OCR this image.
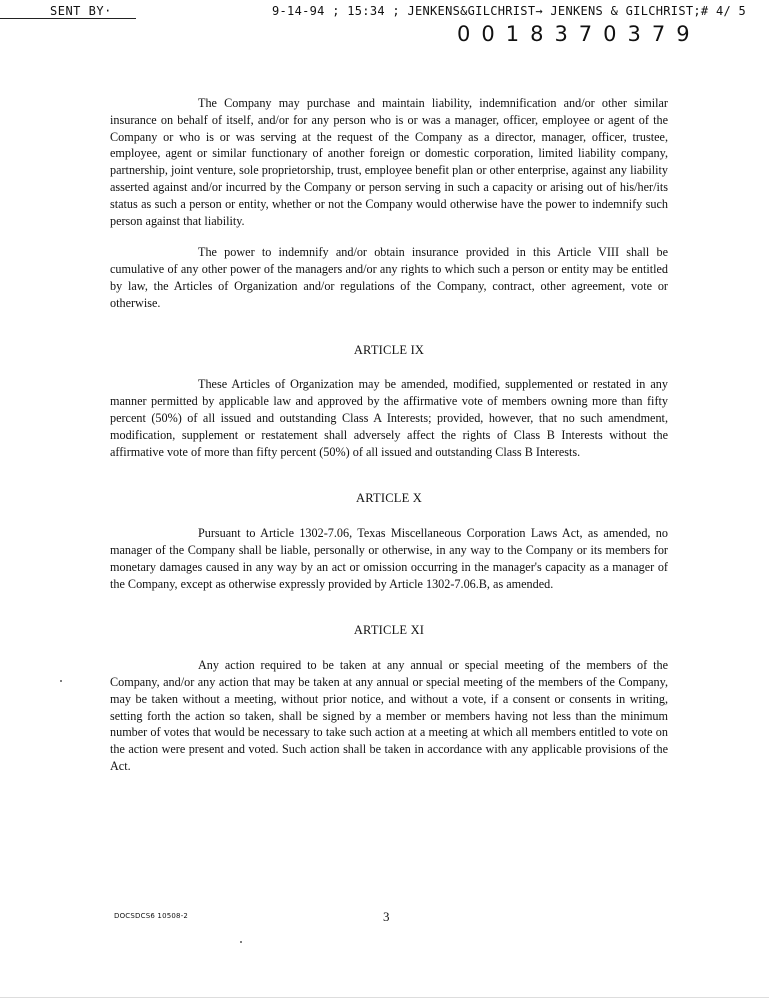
SENT BY·	9-14-94 ; 15:34 ; JENKENS&GILCHRIST→ JENKENS & GILCHRIST;# 4/ 5
0018370379

The Company may purchase and maintain liability, indemnification and/or other similar insurance on behalf of itself, and/or for any person who is or was a manager, officer, employee or agent of the Company or who is or was serving at the request of the Company as a director, manager, officer, trustee, employee, agent or similar functionary of another foreign or domestic corporation, limited liability company, partnership, joint venture, sole proprietorship, trust, employee benefit plan or other enterprise, against any liability asserted against and/or incurred by the Company or person serving in such a capacity or arising out of his/her/its status as such a person or entity, whether or not the Company would otherwise have the power to indemnify such person against that liability.

The power to indemnify and/or obtain insurance provided in this Article VIII shall be cumulative of any other power of the managers and/or any rights to which such a person or entity may be entitled by law, the Articles of Organization and/or regulations of the Company, contract, other agreement, vote or otherwise.

ARTICLE IX

These Articles of Organization may be amended, modified, supplemented or restated in any manner permitted by applicable law and approved by the affirmative vote of members owning more than fifty percent (50%) of all issued and outstanding Class A Interests; provided, however, that no such amendment, modification, supplement or restatement shall adversely affect the rights of Class B Interests without the affirmative vote of more than fifty percent (50%) of all issued and outstanding Class B Interests.

ARTICLE X

Pursuant to Article 1302-7.06, Texas Miscellaneous Corporation Laws Act, as amended, no manager of the Company shall be liable, personally or otherwise, in any way to the Company or its members for monetary damages caused in any way by an act or omission occurring in the manager's capacity as a manager of the Company, except as otherwise expressly provided by Article 1302-7.06.B, as amended.

ARTICLE XI

Any action required to be taken at any annual or special meeting of the members of the Company, and/or any action that may be taken at any annual or special meeting of the members of the Company, may be taken without a meeting, without prior notice, and without a vote, if a consent or consents in writing, setting forth the action so taken, shall be signed by a member or members having not less than the minimum number of votes that would be necessary to take such action at a meeting at which all members entitled to vote on the action were present and voted. Such action shall be taken in accordance with any applicable provisions of the Act.

DOCSDCS6 10508-2	3
